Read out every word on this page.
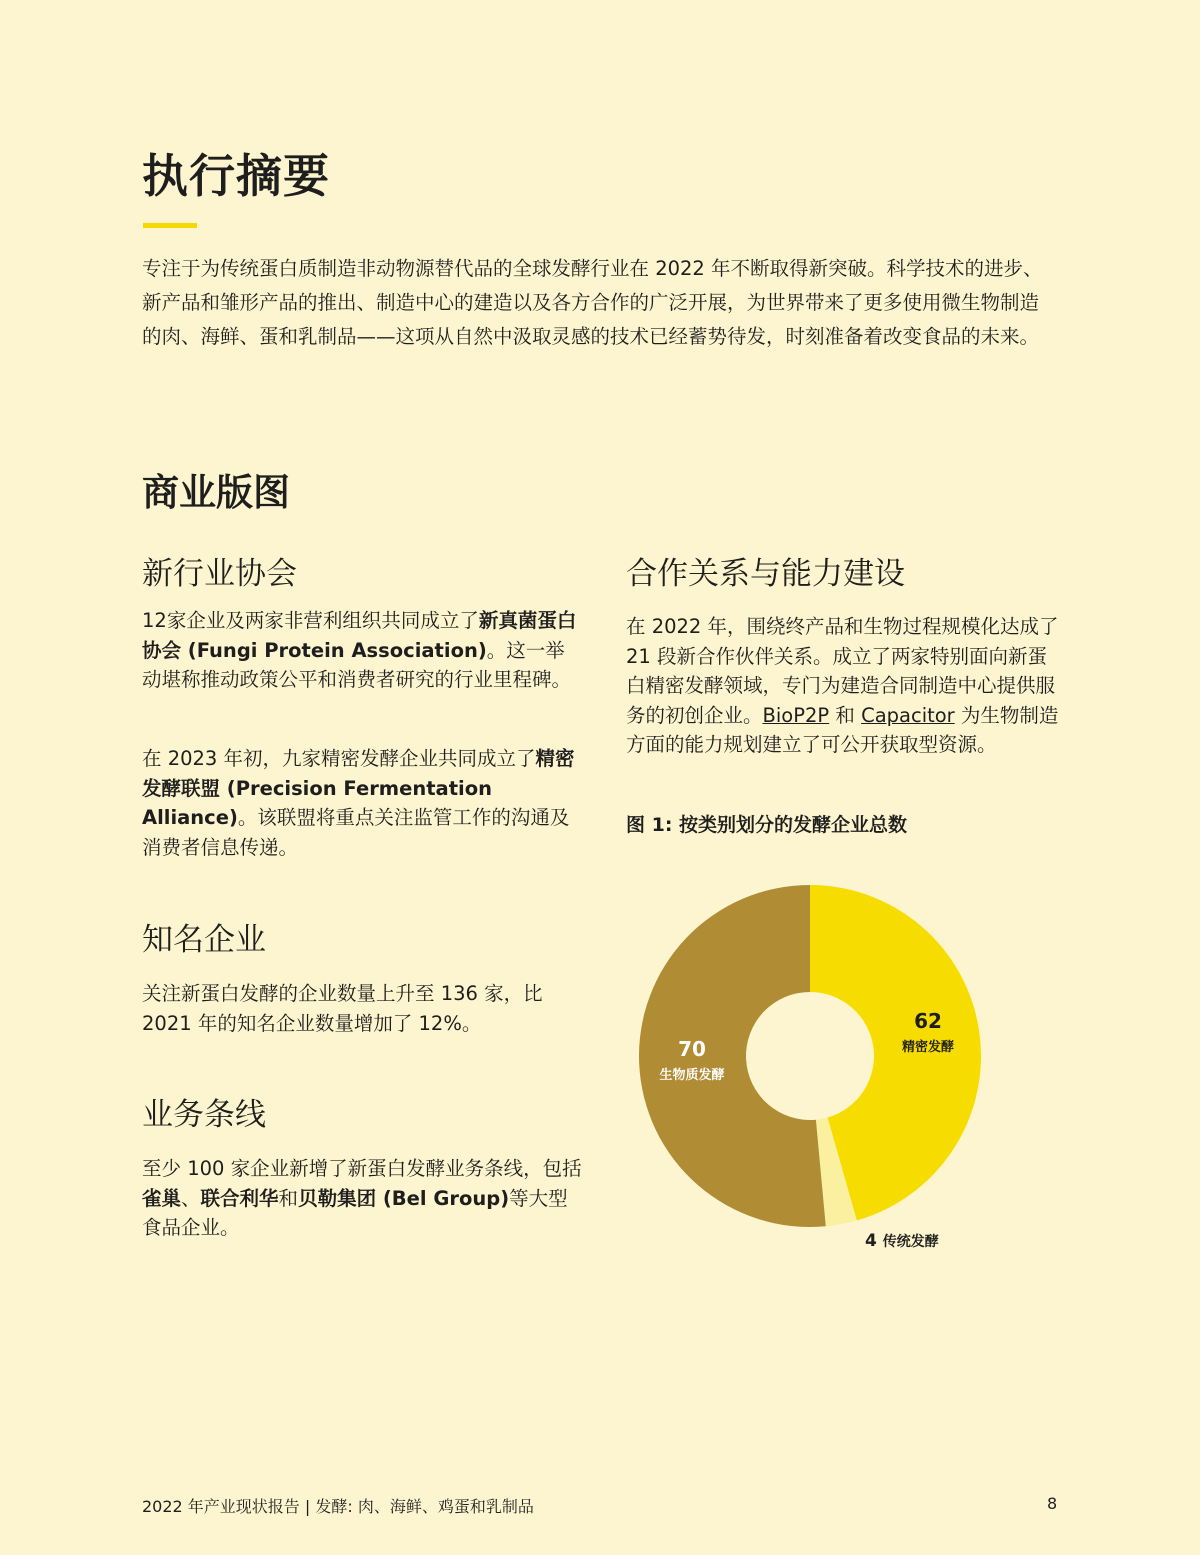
执行摘要

专注于为传统蛋白质制造非动物源替代品的全球发酵行业在 2022 年不断取得新突破。科学技术的进步、新产品和雏形产品的推出、制造中心的建造以及各方合作的广泛开展，为世界带来了更多使用微生物制造的肉、海鲜、蛋和乳制品——这项从自然中汲取灵感的技术已经蓄势待发，时刻准备着改变食品的未来。

商业版图
新行业协会

12家企业及两家非营利组织共同成立了新真菌蛋白协会 (Fungi Protein Association)。这一举动堪称推动政策公平和消费者研究的行业里程碑。

在 2023 年初，九家精密发酵企业共同成立了精密发酵联盟 (Precision Fermentation Alliance)。该联盟将重点关注监管工作的沟通及消费者信息传递。

知名企业

关注新蛋白发酵的企业数量上升至 136 家，比 2021 年的知名企业数量增加了 12%。

业务条线

至少 100 家企业新增了新蛋白发酵业务条线，包括雀巢、联合利华和贝勒集团 (Bel Group)等大型食品企业。

合作关系与能力建设

在 2022 年，围绕终产品和生物过程规模化达成了 21 段新合作伙伴关系。成立了两家特别面向新蛋白精密发酵领域，专门为建造合同制造中心提供服务的初创企业。BioP2P 和 Capacitor 为生物制造方面的能力规划建立了可公开获取型资源。

图 1: 按类别划分的发酵企业总数

62 精密发酵
4 传统发酵
70 生物质发酵
2022 年产业现状报告 | 发酵: 肉、海鲜、鸡蛋和乳制品	8
